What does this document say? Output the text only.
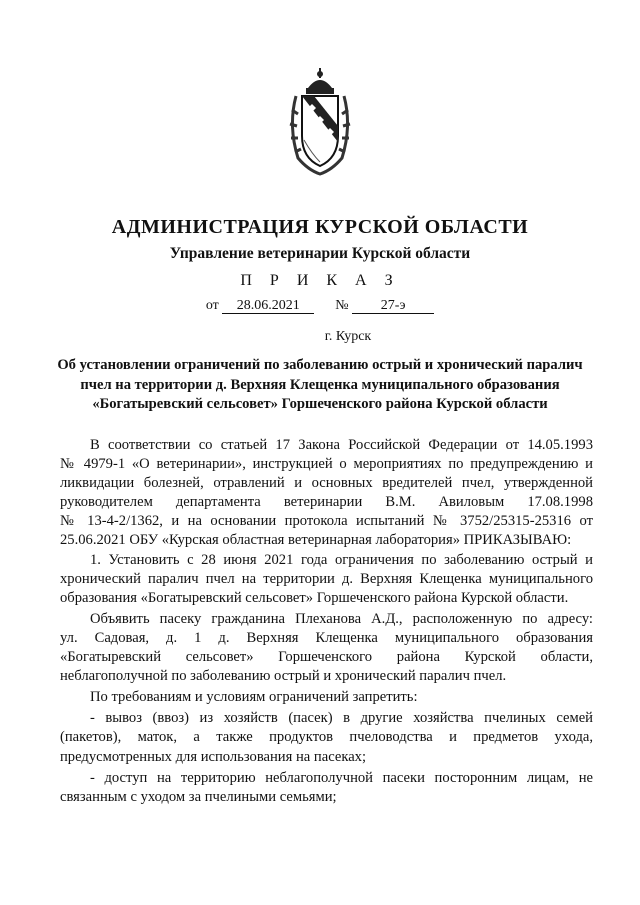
АДМИНИСТРАЦИЯ КУРСКОЙ ОБЛАСТИ
Управление ветеринарии Курской области
П Р И К А З
от 28.06.2021	№ 27-э
г. Курск
Об установлении ограничений по заболеванию острый и хронический паралич пчел на территории д. Верхняя Клещенка муниципального образования «Богатыревский сельсовет» Горшеченского района Курской области

В соответствии со статьей 17 Закона Российской Федерации от 14.05.1993

№ 4979-1 «О ветеринарии», инструкцией о мероприятиях по предупреждению и

ликвидации болезней, отравлений и основных вредителей пчел, утвержденной

руководителем департамента ветеринарии В.М. Авиловым 17.08.1998

№ 13-4-2/1362, и на основании протокола испытаний № 3752/25315-25316 от

25.06.2021 ОБУ «Курская областная ветеринарная лаборатория» ПРИКАЗЫВАЮ:

1. Установить с 28 июня 2021 года ограничения по заболеванию острый и

хронический паралич пчел на территории д. Верхняя Клещенка муниципального

образования «Богатыревский сельсовет» Горшеченского района Курской области.

Объявить пасеку гражданина Плеханова А.Д., расположенную по адресу:

ул. Садовая, д. 1 д. Верхняя Клещенка муниципального образования

«Богатыревский сельсовет» Горшеченского района Курской области,

неблагополучной по заболеванию острый и хронический паралич пчел.

По требованиям и условиям ограничений запретить:

- вывоз (ввоз) из хозяйств (пасек) в другие хозяйства пчелиных семей

(пакетов), маток, а также продуктов пчеловодства и предметов ухода,

предусмотренных для использования на пасеках;

- доступ на территорию неблагополучной пасеки посторонним лицам, не

связанным с уходом за пчелиными семьями;
